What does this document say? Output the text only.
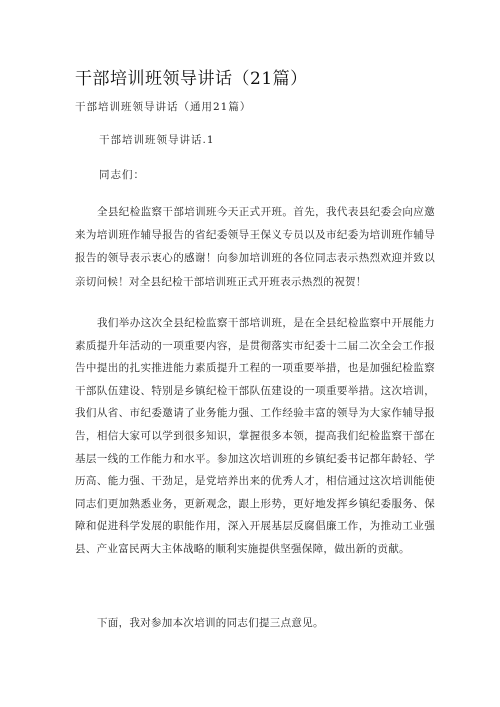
干部培训班领导讲话（21篇）
干部培训班领导讲话（通用21篇）
干部培训班领导讲话.1
同志们：

全县纪检监察干部培训班今天正式开班。首先，我代表县纪委会向应邀来为培训班作辅导报告的省纪委领导王保义专员以及市纪委为培训班作辅导报告的领导表示衷心的感谢！向参加培训班的各位同志表示热烈欢迎并致以亲切问候！对全县纪检干部培训班正式开班表示热烈的祝贺！

我们举办这次全县纪检监察干部培训班，是在全县纪检监察中开展能力素质提升年活动的一项重要内容，是贯彻落实市纪委十二届二次全会工作报告中提出的扎实推进能力素质提升工程的一项重要举措，也是加强纪检监察干部队伍建设、特别是乡镇纪检干部队伍建设的一项重要举措。这次培训，我们从省、市纪委邀请了业务能力强、工作经验丰富的领导为大家作辅导报告，相信大家可以学到很多知识，掌握很多本领，提高我们纪检监察干部在基层一线的工作能力和水平。参加这次培训班的乡镇纪委书记都年龄轻、学历高、能力强、干劲足，是党培养出来的优秀人才，相信通过这次培训能使同志们更加熟悉业务，更新观念，跟上形势，更好地发挥乡镇纪委服务、保障和促进科学发展的职能作用，深入开展基层反腐倡廉工作，为推动工业强县、产业富民两大主体战略的顺利实施提供坚强保障，做出新的贡献。

下面，我对参加本次培训的同志们提三点意见。
